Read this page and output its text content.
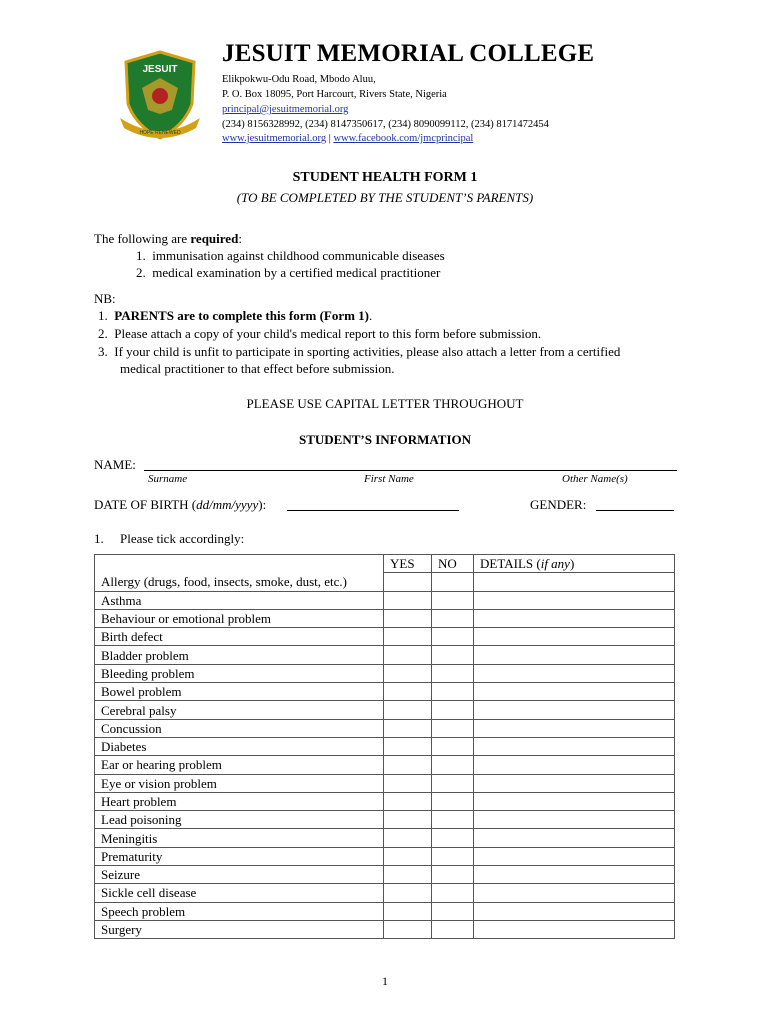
JESUIT
HOPE RENEWED
JESUIT MEMORIAL COLLEGE
Elikpokwu-Odu Road, Mbodo Aluu,
P. O. Box 18095, Port Harcourt, Rivers State, Nigeria
principal@jesuitmemorial.org
(234) 8156328992, (234) 8147350617, (234) 8090099112, (234) 8171472454
www.jesuitmemorial.org | www.facebook.com/jmcprincipal
STUDENT HEALTH FORM 1
(TO BE COMPLETED BY THE STUDENT’S PARENTS)
The following are required:
1. immunisation against childhood communicable diseases
2. medical examination by a certified medical practitioner
NB:
1. PARENTS are to complete this form (Form 1).
2. Please attach a copy of your child's medical report to this form before submission.
3. If your child is unfit to participate in sporting activities, please also attach a letter from a certified
medical practitioner to that effect before submission.
PLEASE USE CAPITAL LETTER THROUGHOUT
STUDENT’S INFORMATION
NAME:
Surname	First Name	Other Name(s)
DATE OF BIRTH (dd/mm/yyyy):	GENDER:
1. Please tick accordingly:
	YES	NO	DETAILS (if any)
Allergy (drugs, food, insects, smoke, dust, etc.)			
Asthma			
Behaviour or emotional problem			
Birth defect			
Bladder problem			
Bleeding problem			
Bowel problem			
Cerebral palsy			
Concussion			
Diabetes			
Ear or hearing problem			
Eye or vision problem			
Heart problem			
Lead poisoning			
Meningitis			
Prematurity			
Seizure			
Sickle cell disease			
Speech problem			
Surgery			
1
